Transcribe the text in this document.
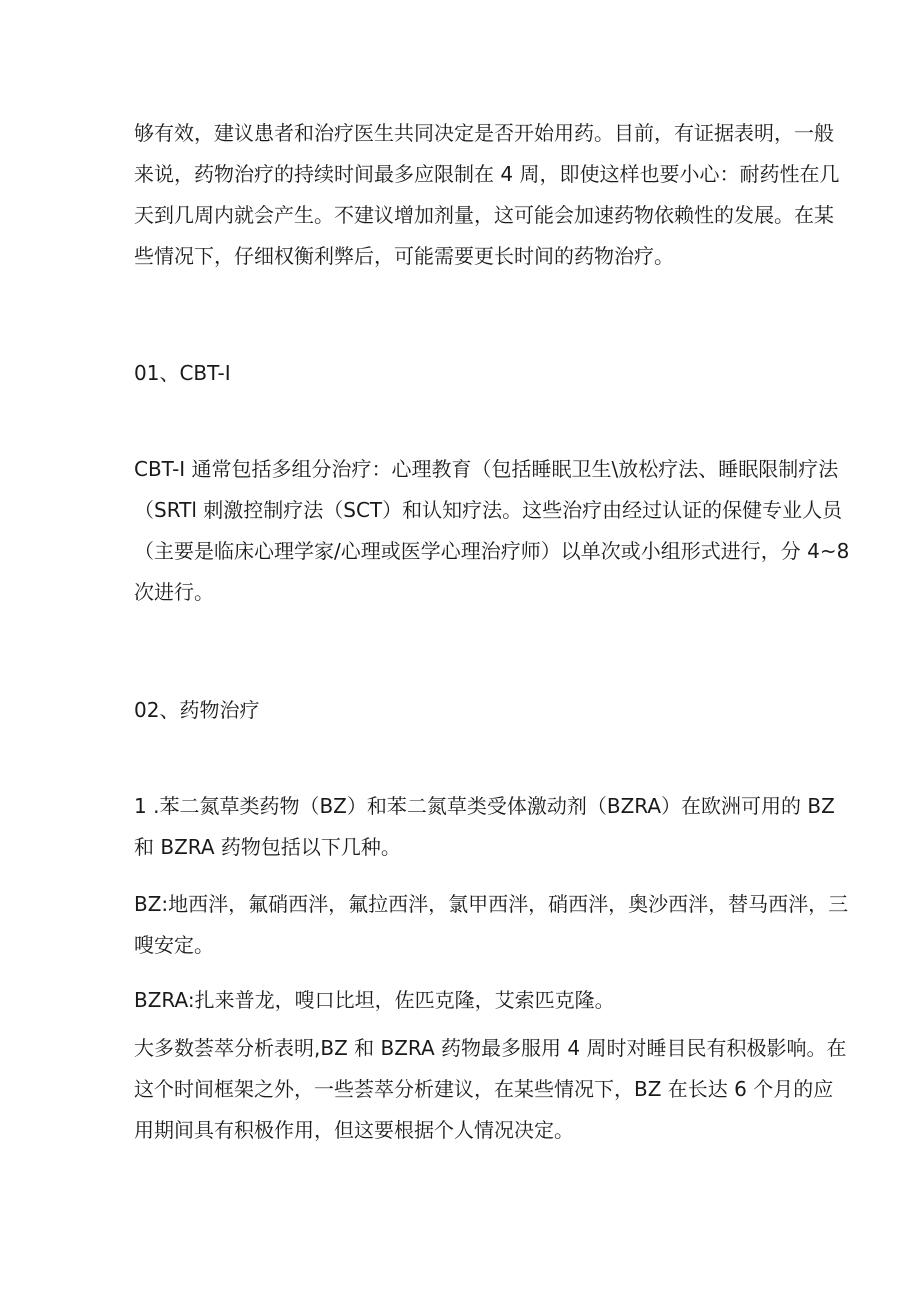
够有效，建议患者和治疗医生共同决定是否开始用药。目前，有证据表明，一般
来说，药物治疗的持续时间最多应限制在 4 周，即使这样也要小心：耐药性在几
天到几周内就会产生。不建议增加剂量，这可能会加速药物依赖性的发展。在某
些情况下，仔细权衡利弊后，可能需要更长时间的药物治疗。
01、CBT-I
CBT-I 通常包括多组分治疗：心理教育（包括睡眠卫生\放松疗法、睡眠限制疗法
（SRTl 刺激控制疗法（SCT）和认知疗法。这些治疗由经过认证的保健专业人员
（主要是临床心理学家/心理或医学心理治疗师）以单次或小组形式进行，分 4~8
次进行。
02、药物治疗
1 .苯二氮草类药物（BZ）和苯二氮草类受体激动剂（BZRA）在欧洲可用的 BZ
和 BZRA 药物包括以下几种。
BZ:地西泮，氟硝西泮，氟拉西泮，氯甲西泮，硝西泮，奥沙西泮，替马西泮，三
嗖安定。
BZRA:扎来普龙，嗖口比坦，佐匹克隆，艾索匹克隆。
大多数荟萃分析表明,BZ 和 BZRA 药物最多服用 4 周时对睡目民有积极影响。在
这个时间框架之外，一些荟萃分析建议，在某些情况下，BZ 在长达 6 个月的应
用期间具有积极作用，但这要根据个人情况决定。
